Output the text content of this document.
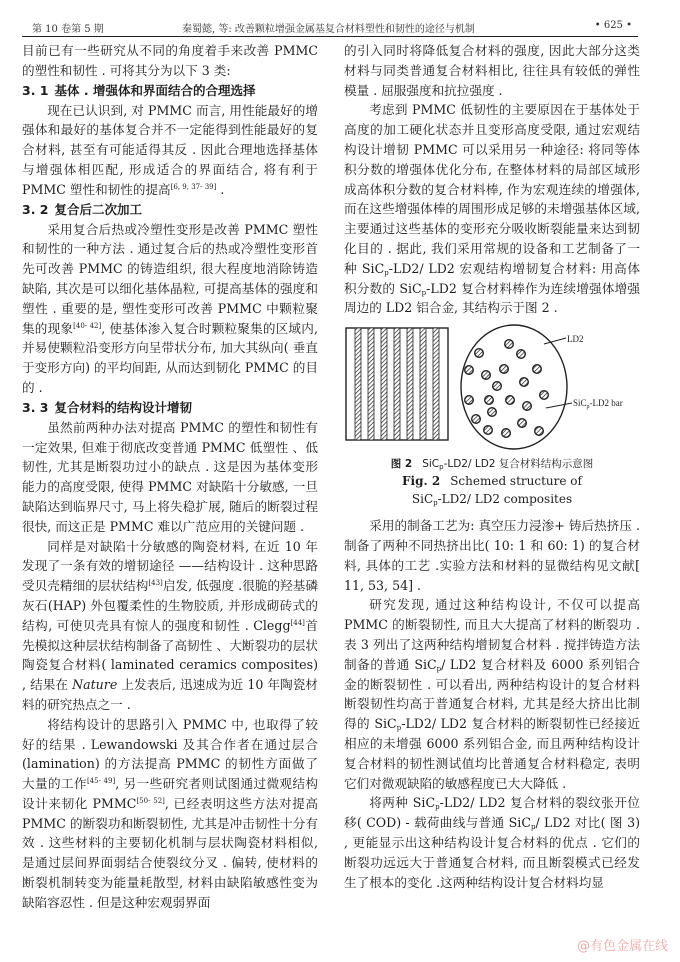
第 10 卷第 5 期	秦蜀懿, 等: 改善颗粒增强金属基复合材料塑性和韧性的途径与机制	• 625 •

目前已有一些研究从不同的角度着手来改善 PMMC 的塑性和韧性 . 可将其分为以下 3 类:

3. 1 基体 . 增强体和界面结合的合理选择

现在已认识到, 对 PMMC 而言, 用性能最好的增强体和最好的基体复合并不一定能得到性能最好的复合材料, 甚至有可能适得其反 . 因此合理地选择基体与增强体相匹配, 形成适合的界面结合, 将有利于 PMMC 塑性和韧性的提高[6, 9, 37- 39] .

3. 2 复合后二次加工

采用复合后热或冷塑性变形是改善 PMMC 塑性和韧性的一种方法 . 通过复合后的热或冷塑性变形首先可改善 PMMC 的铸造组织, 很大程度地消除铸造缺陷, 其次是可以细化基体晶粒, 可提高基体的强度和塑性 . 重要的是, 塑性变形可改善 PMMC 中颗粒聚集的现象[40- 42], 使基体渗入复合时颗粒聚集的区域内, 并易使颗粒沿变形方向呈带状分布, 加大其纵向( 垂直于变形方向) 的平均间距, 从而达到韧化 PMMC 的目的 .

3. 3 复合材料的结构设计增韧

虽然前两种办法对提高 PMMC 的塑性和韧性有一定效果, 但难于彻底改变普通 PMMC 低塑性 、低韧性, 尤其是断裂功过小的缺点 . 这是因为基体变形能力的高度受限, 使得 PMMC 对缺陷十分敏感, 一旦缺陷达到临界尺寸, 马上将失稳扩展, 随后的断裂过程很快, 而这正是 PMMC 难以广范应用的关键问题 .

同样是对缺陷十分敏感的陶瓷材料, 在近 10 年发现了一条有效的增韧途径 ——结构设计 . 这种思路受贝壳精细的层状结构[43]启发, 低强度 .很脆的羟基磷灰石(HAP) 外包覆柔性的生物胶质, 并形成砌砖式的结构, 可使贝壳具有惊人的强度和韧性 . Clegg[44]首先模拟这种层状结构制备了高韧性 、大断裂功的层状陶瓷复合材料( laminated ceramics composites) , 结果在 Nature 上发表后, 迅速成为近 10 年陶瓷材料的研究热点之一 .

将结构设计的思路引入 PMMC 中, 也取得了较好的结果 . Lewandowski 及其合作者在通过层合(lamination) 的方法提高 PMMC 的韧性方面做了大量的工作[45- 49], 另一些研究者则试图通过微观结构设计来韧化 PMMC[50- 52], 已经表明这些方法对提高 PMMC 的断裂功和断裂韧性, 尤其是冲击韧性十分有效 . 这些材料的主要韧化机制与层状陶瓷材料相似, 是通过层间界面弱结合使裂纹分叉 . 偏转, 使材料的断裂机制转变为能量耗散型, 材料由缺陷敏感性变为缺陷容忍性 . 但是这种宏观弱界面

的引入同时将降低复合材料的强度, 因此大部分这类材料与同类普通复合材料相比, 往往具有较低的弹性模量 . 屈服强度和抗拉强度 .

考虑到 PMMC 低韧性的主要原因在于基体处于高度的加工硬化状态并且变形高度受限, 通过宏观结构设计增韧 PMMC 可以采用另一种途径: 将同等体积分数的增强体优化分布, 在整体材料的局部区域形成高体积分数的复合材料棒, 作为宏观连续的增强体, 而在这些增强体棒的周围形成足够的未增强基体区域, 主要通过这些基体的变形充分吸收断裂能量来达到韧化目的 . 据此, 我们采用常规的设备和工艺制备了一种 SiC$_p$-LD2/ LD2 宏观结构增韧复合材料: 用高体积分数的 SiC$_p$-LD2 复合材料棒作为连续增强体增强周边的 LD2 铝合金, 其结构示于图 2 .

LD2
SiC$_p$-LD2 bar
图 2 SiC$_p$-LD2/ LD2 复合材料结构示意图
Fig. 2 Schemed structure of
SiC$_p$-LD2/ LD2 composites

采用的制备工艺为: 真空压力浸渗+ 铸后热挤压 . 制备了两种不同热挤出比( 10: 1 和 60: 1) 的复合材料, 具体的工艺 .实验方法和材料的显微结构见文献[ 11, 53, 54] .

研究发现, 通过这种结构设计, 不仅可以提高 PMMC 的断裂韧性, 而且大大提高了材料的断裂功 . 表 3 列出了这两种结构增韧复合材料 . 搅拌铸造方法制备的普通 SiC$_p$/ LD2 复合材料及 6000 系列铝合金的断裂韧性 . 可以看出, 两种结构设计的复合材料断裂韧性均高于普通复合材料, 尤其是经大挤出比制得的 SiC$_p$-LD2/ LD2 复合材料的断裂韧性已经接近相应的未增强 6000 系列铝合金, 而且两种结构设计复合材料的韧性测试值均比普通复合材料稳定, 表明它们对微观缺陷的敏感程度已大大降低 .

将两种 SiC$_p$-LD2/ LD2 复合材料的裂纹张开位移( COD) - 载荷曲线与普通 SiC$_p$/ LD2 对比( 图 3) , 更能显示出这种结构设计复合材料的优点 . 它们的断裂功远远大于普通复合材料, 而且断裂模式已经发生了根本的变化 .这两种结构设计复合材料均显

@有色金属在线
